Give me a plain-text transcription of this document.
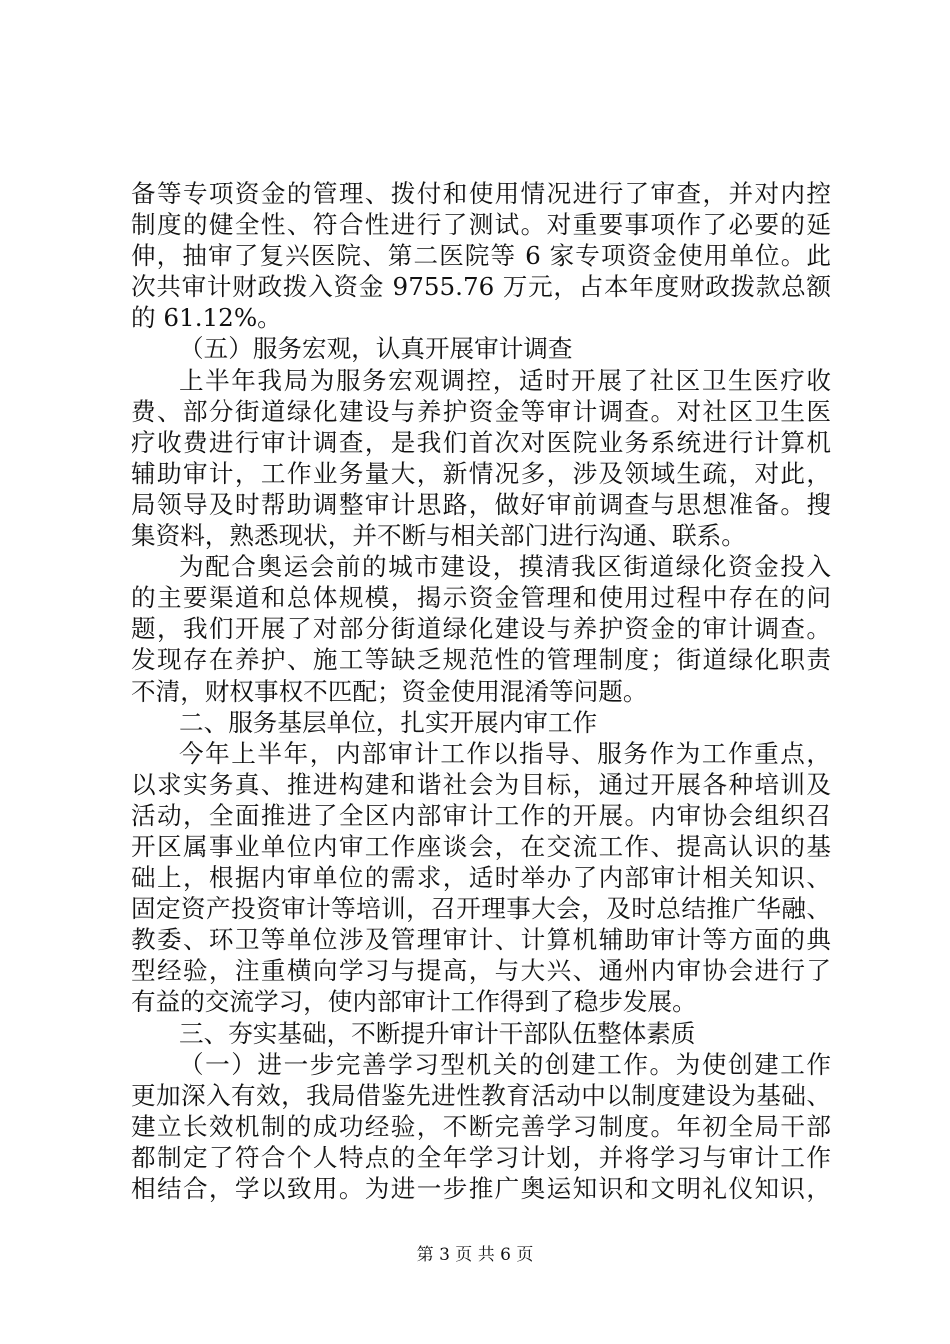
备等专项资金的管理、拨付和使用情况进行了审查，并对内控
制度的健全性、符合性进行了测试。对重要事项作了必要的延
伸，抽审了复兴医院、第二医院等 6 家专项资金使用单位。此
次共审计财政拨入资金 9755.76 万元，占本年度财政拨款总额
的 61.12%。
（五）服务宏观，认真开展审计调查
上半年我局为服务宏观调控，适时开展了社区卫生医疗收
费、部分街道绿化建设与养护资金等审计调查。对社区卫生医
疗收费进行审计调查，是我们首次对医院业务系统进行计算机
辅助审计，工作业务量大，新情况多，涉及领域生疏，对此，
局领导及时帮助调整审计思路，做好审前调查与思想准备。搜
集资料，熟悉现状，并不断与相关部门进行沟通、联系。
为配合奥运会前的城市建设，摸清我区街道绿化资金投入
的主要渠道和总体规模，揭示资金管理和使用过程中存在的问
题，我们开展了对部分街道绿化建设与养护资金的审计调查。
发现存在养护、施工等缺乏规范性的管理制度；街道绿化职责
不清，财权事权不匹配；资金使用混淆等问题。
二、服务基层单位，扎实开展内审工作
今年上半年，内部审计工作以指导、服务作为工作重点，
以求实务真、推进构建和谐社会为目标，通过开展各种培训及
活动，全面推进了全区内部审计工作的开展。内审协会组织召
开区属事业单位内审工作座谈会，在交流工作、提高认识的基
础上，根据内审单位的需求，适时举办了内部审计相关知识、
固定资产投资审计等培训，召开理事大会，及时总结推广华融、
教委、环卫等单位涉及管理审计、计算机辅助审计等方面的典
型经验，注重横向学习与提高，与大兴、通州内审协会进行了
有益的交流学习，使内部审计工作得到了稳步发展。
三、夯实基础，不断提升审计干部队伍整体素质
（一）进一步完善学习型机关的创建工作。为使创建工作
更加深入有效，我局借鉴先进性教育活动中以制度建设为基础、
建立长效机制的成功经验，不断完善学习制度。年初全局干部
都制定了符合个人特点的全年学习计划，并将学习与审计工作
相结合，学以致用。为进一步推广奥运知识和文明礼仪知识，
第 3 页 共 6 页
